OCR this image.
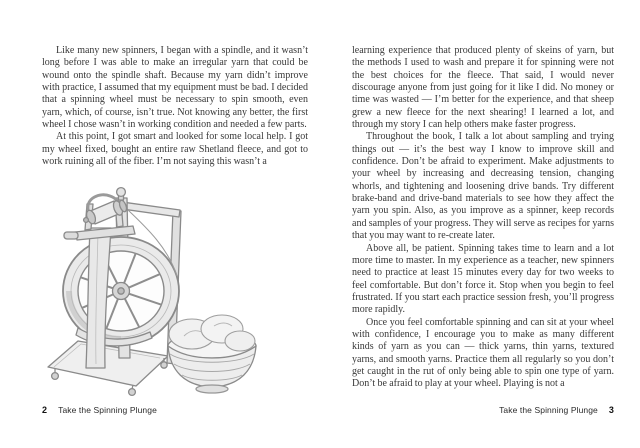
Like many new spinners, I began with a spindle, and it wasn’t long before I was able to make an irregular yarn that could be wound onto the spindle shaft. Because my yarn didn’t improve with practice, I assumed that my equipment must be bad. I decided that a spinning wheel must be necessary to spin smooth, even yarn, which, of course, isn’t true. Not knowing any better, the first wheel I chose wasn’t in working condition and needed a few parts.

At this point, I got smart and looked for some local help. I got my wheel fixed, bought an entire raw Shetland fleece, and got to work ruining all of the fiber. I’m not saying this wasn’t a

2 Take the Spinning Plunge

learning experience that produced plenty of skeins of yarn, but the methods I used to wash and prepare it for spinning were not the best choices for the fleece. That said, I would never discourage anyone from just going for it like I did. No money or time was wasted — I’m better for the experience, and that sheep grew a new fleece for the next shearing! I learned a lot, and through my story I can help others make faster progress.

Throughout the book, I talk a lot about sampling and trying things out — it’s the best way I know to improve skill and confidence. Don’t be afraid to experiment. Make adjustments to your wheel by increasing and decreasing tension, changing whorls, and tightening and loosening drive bands. Try different brake-band and drive-band materials to see how they affect the yarn you spin. Also, as you improve as a spinner, keep records and samples of your progress. They will serve as recipes for yarns that you may want to re-create later.

Above all, be patient. Spinning takes time to learn and a lot more time to master. In my experience as a teacher, new spinners need to practice at least 15 minutes every day for two weeks to feel comfortable. But don’t force it. Stop when you begin to feel frustrated. If you start each practice session fresh, you’ll progress more rapidly.

Once you feel comfortable spinning and can sit at your wheel with confidence, I encourage you to make as many different kinds of yarn as you can — thick yarns, thin yarns, textured yarns, and smooth yarns. Practice them all regularly so you don’t get caught in the rut of only being able to spin one type of yarn. Don’t be afraid to play at your wheel. Playing is not a

Take the Spinning Plunge 3
